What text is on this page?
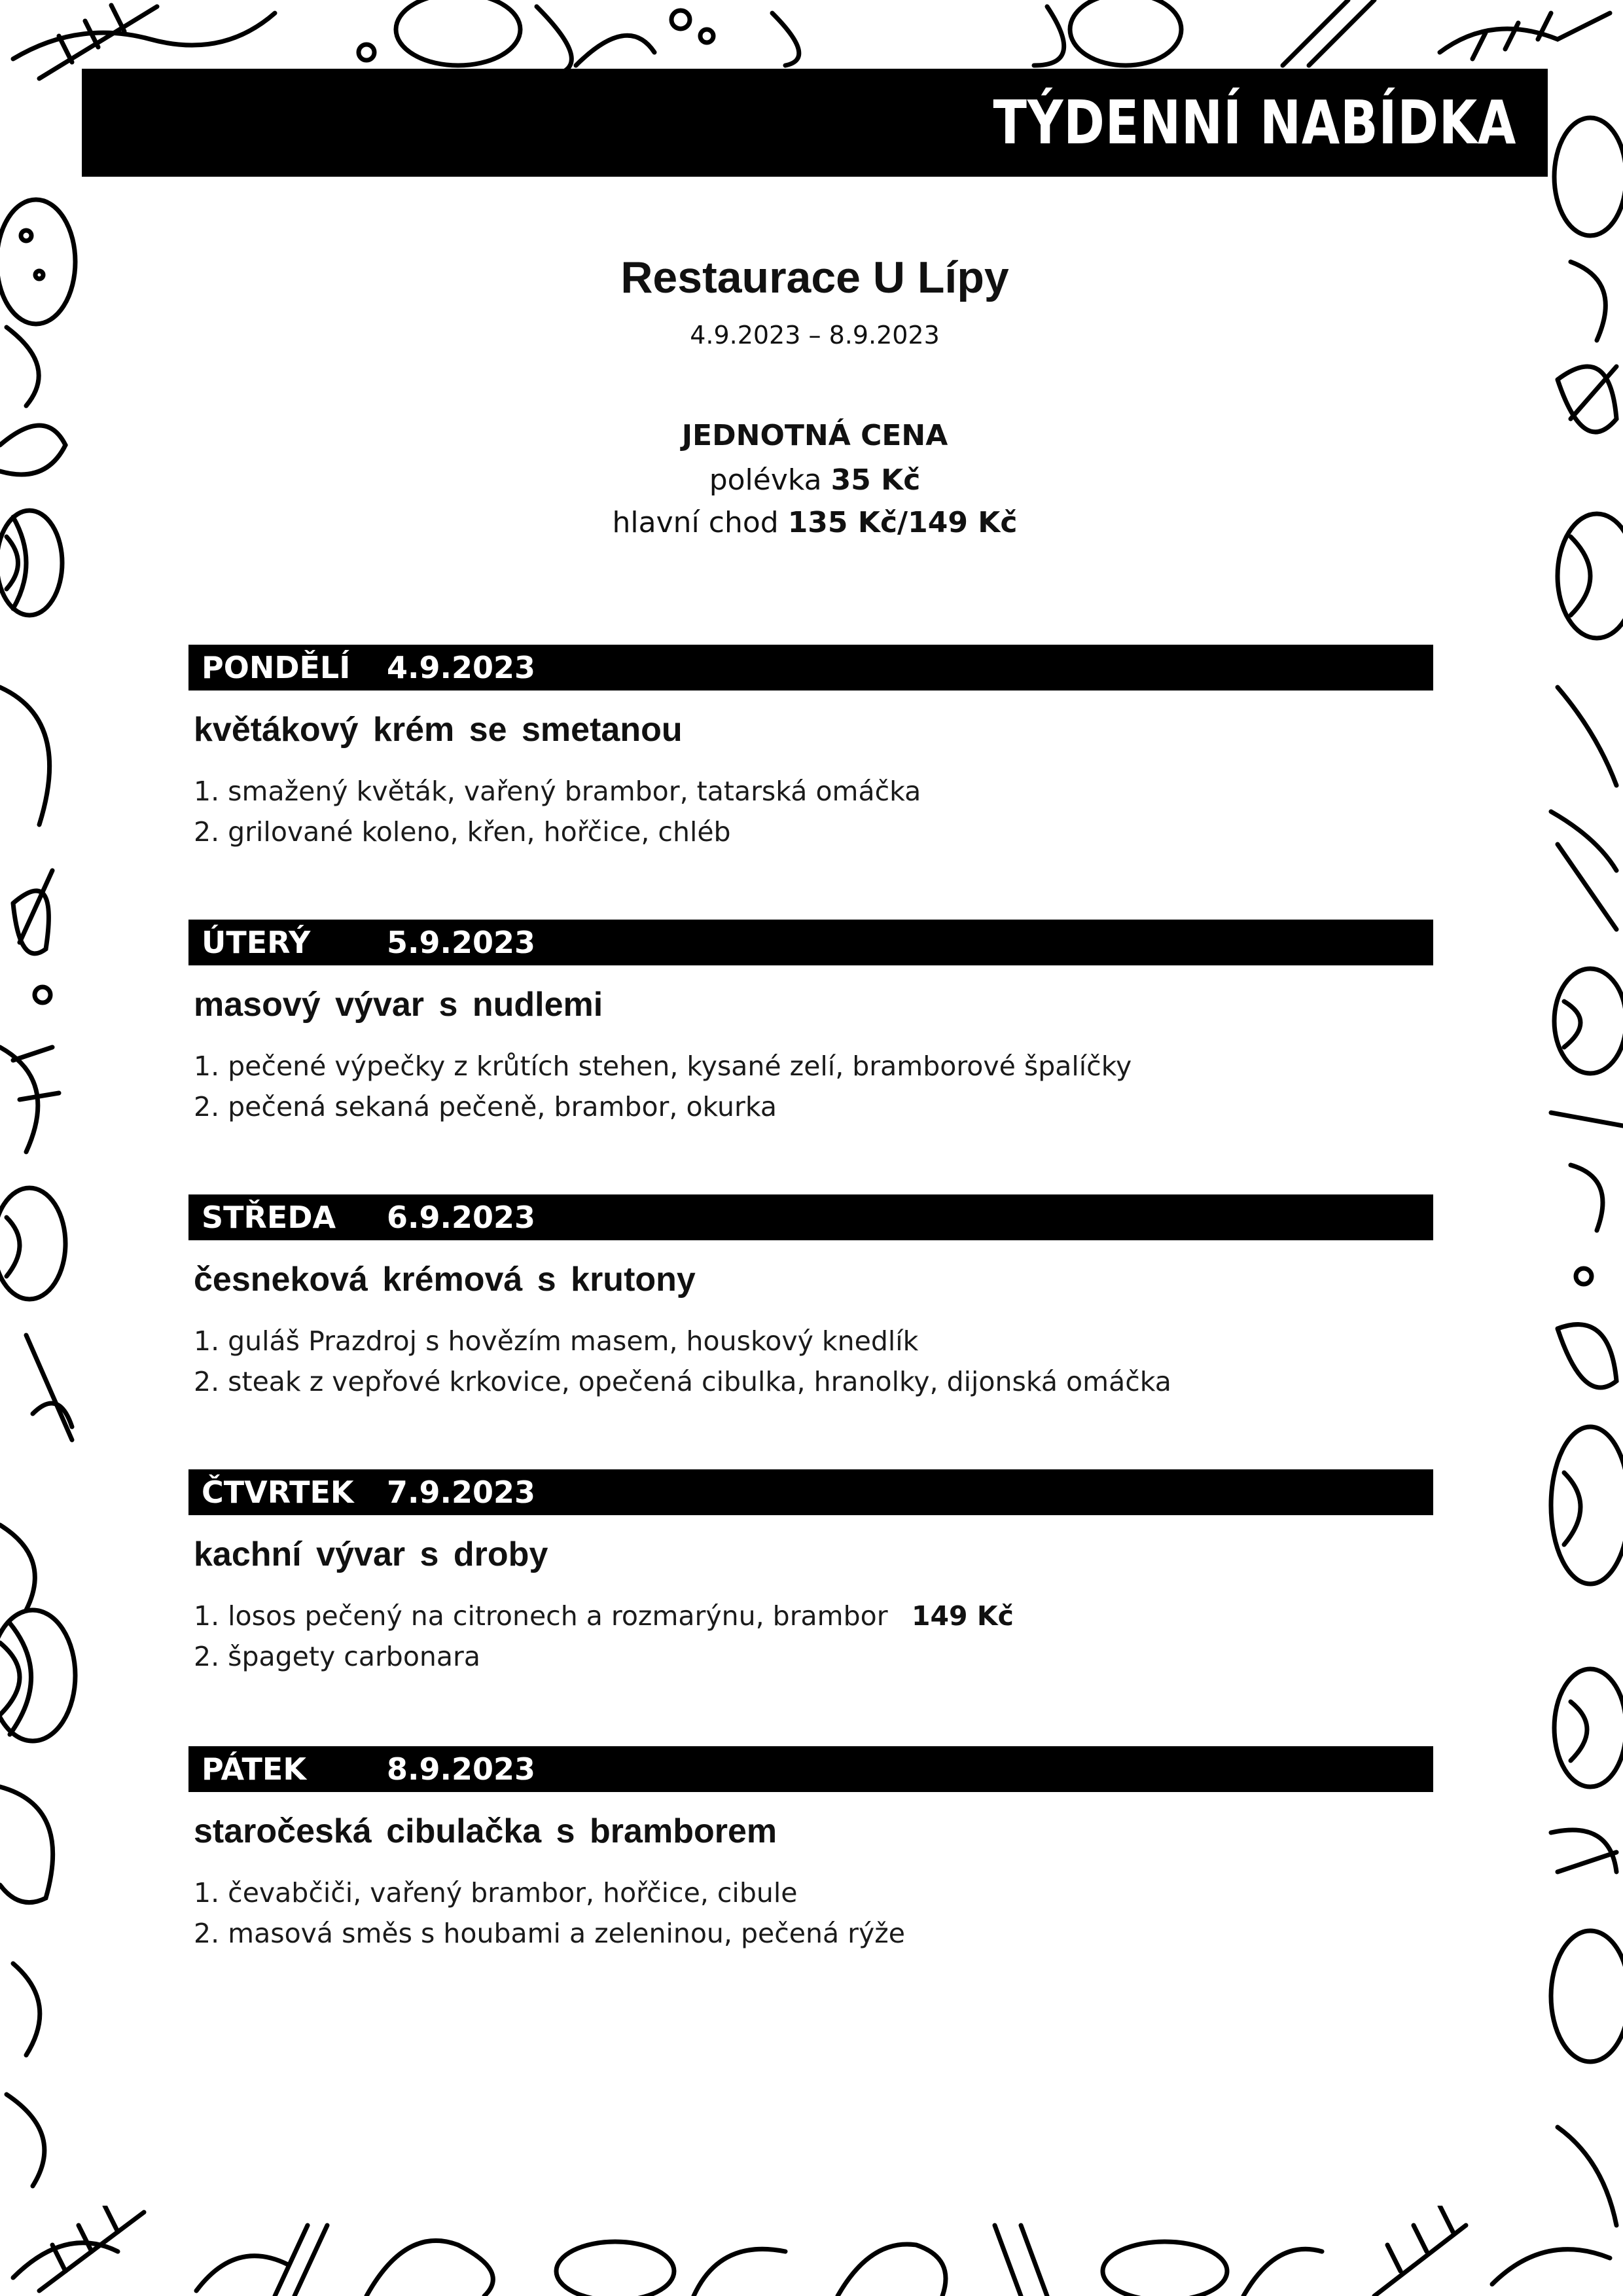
TÝDENNÍ NABÍDKA
Restaurace U Lípy
4.9.2023 – 8.9.2023
JEDNOTNÁ CENA
polévka 35 Kč
hlavní chod 135 Kč/149 Kč
PONDĚLÍ 4.9.2023
květákový krém se smetanou
1. smažený květák, vařený brambor, tatarská omáčka
2. grilované koleno, křen, hořčice, chléb
ÚTERÝ	5.9.2023
masový vývar s nudlemi
1. pečené výpečky z krůtích stehen, kysané zelí, bramborové špalíčky
2. pečená sekaná pečeně, brambor, okurka
STŘEDA 6.9.2023
česneková krémová s krutony
1. guláš Prazdroj s hovězím masem, houskový knedlík
2. steak z vepřové krkovice, opečená cibulka, hranolky, dijonská omáčka
ČTVRTEK 7.9.2023
kachní vývar s droby
1. losos pečený na citronech a rozmarýnu, brambor 149 Kč
2. špagety carbonara
PÁTEK	8.9.2023
staročeská cibulačka s bramborem
1. čevabčiči, vařený brambor, hořčice, cibule
2. masová směs s houbami a zeleninou, pečená rýže
